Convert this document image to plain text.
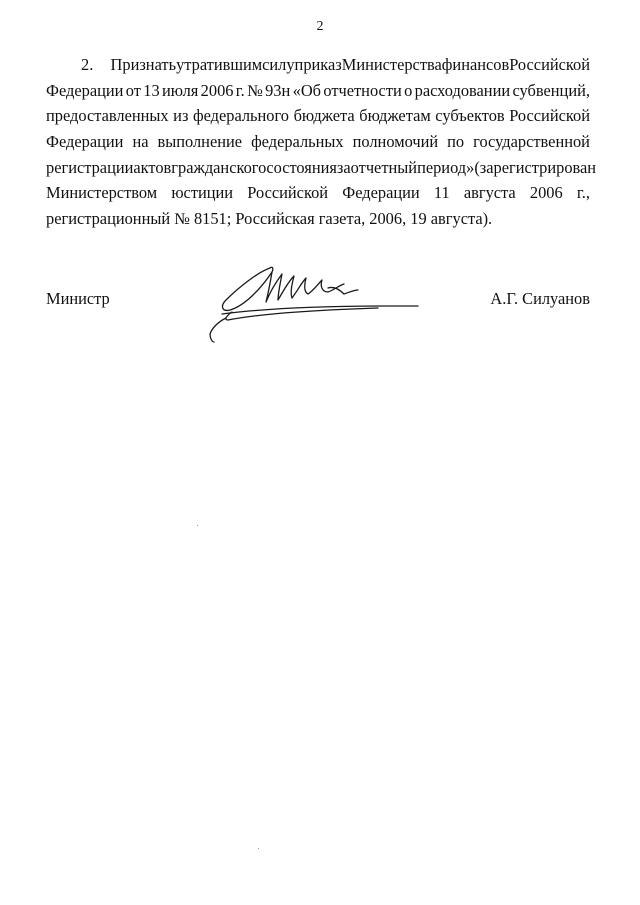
2
2.	Признать утратившим силу приказ Министерства финансов Российской
Федерации от 13 июля 2006 г. № 93н «Об отчетности о расходовании субвенций,
предоставленных из федерального бюджета бюджетам субъектов Российской
Федерации на выполнение федеральных полномочий по государственной
регистрации актов гражданского состояния за отчетный период» (зарегистрирован
Министерством юстиции Российской Федерации 11 августа 2006 г.,
регистрационный № 8151; Российская газета, 2006, 19 августа).
Министр	А.Г. Силуанов
